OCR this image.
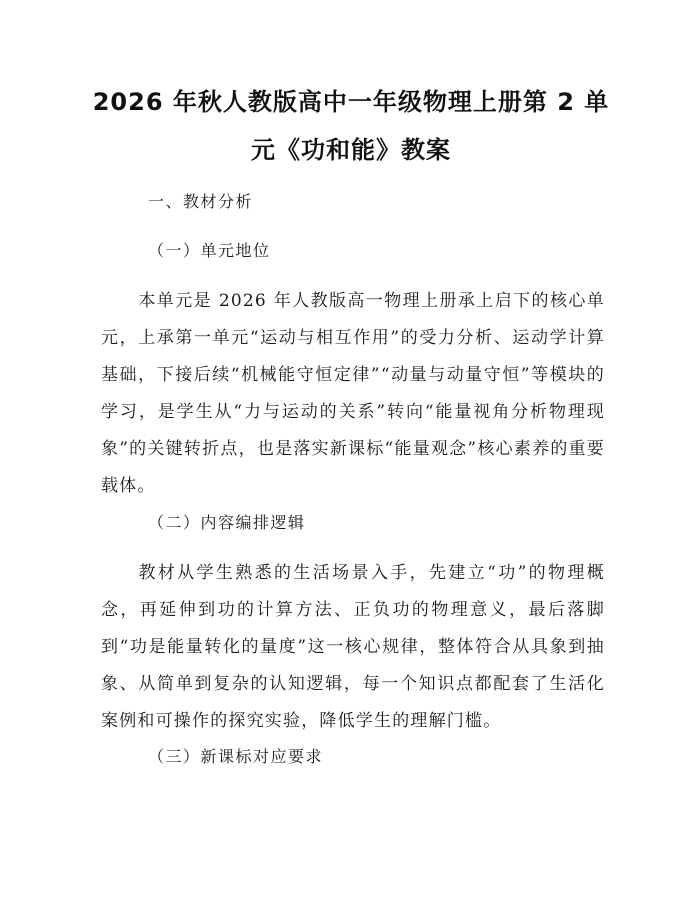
2026 年秋人教版高中一年级物理上册第 2 单
元《功和能》教案
一、教材分析
（一）单元地位
本单元是 2026 年人教版高一物理上册承上启下的核心单元，上承第一单元“运动与相互作用”的受力分析、运动学计算基础，下接后续“机械能守恒定律”“动量与动量守恒”等模块的学习，是学生从“力与运动的关系”转向“能量视角分析物理现象”的关键转折点，也是落实新课标“能量观念”核心素养的重要载体。
（二）内容编排逻辑
教材从学生熟悉的生活场景入手，先建立“功”的物理概念，再延伸到功的计算方法、正负功的物理意义，最后落脚到“功是能量转化的量度”这一核心规律，整体符合从具象到抽象、从简单到复杂的认知逻辑，每一个知识点都配套了生活化案例和可操作的探究实验，降低学生的理解门槛。
（三）新课标对应要求
